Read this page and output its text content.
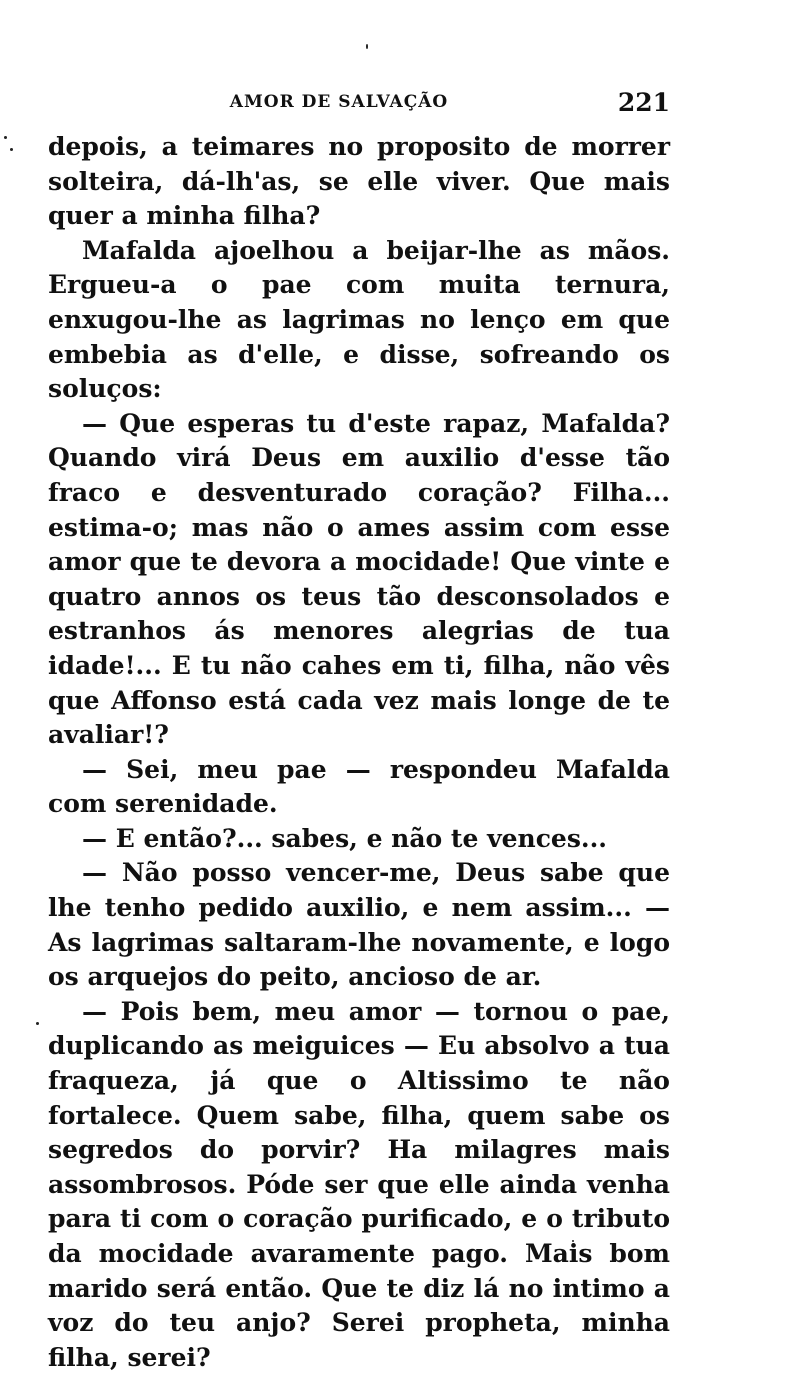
AMOR DE SALVAÇÃO	221

depois, a teimares no proposito de morrer solteira, dá-lh'as, se elle viver. Que mais quer a minha filha?

Mafalda ajoelhou a beijar-lhe as mãos. Ergueu-a o pae com muita ternura, enxugou-lhe as lagrimas no lenço em que embebia as d'elle, e disse, sofreando os soluços:

— Que esperas tu d'este rapaz, Mafalda? Quando virá Deus em auxilio d'esse tão fraco e desventurado coração? Filha... estima-o; mas não o ames assim com esse amor que te devora a mocidade! Que vinte e quatro annos os teus tão desconsolados e estranhos ás menores alegrias de tua idade!... E tu não cahes em ti, filha, não vês que Affonso está cada vez mais longe de te avaliar!?

— Sei, meu pae — respondeu Mafalda com serenidade.

— E então?... sabes, e não te vences...

— Não posso vencer-me, Deus sabe que lhe tenho pedido auxilio, e nem assim... — As lagrimas saltaram-lhe novamente, e logo os arquejos do peito, ancioso de ar.

— Pois bem, meu amor — tornou o pae, duplicando as meiguices — Eu absolvo a tua fraqueza, já que o Altissimo te não fortalece. Quem sabe, filha, quem sabe os segredos do porvir? Ha milagres mais assombrosos. Póde ser que elle ainda venha para ti com o coração purificado, e o tributo da mocidade avaramente pago. Mais bom marido será então. Que te diz lá no intimo a voz do teu anjo? Serei propheta, minha filha, serei?
